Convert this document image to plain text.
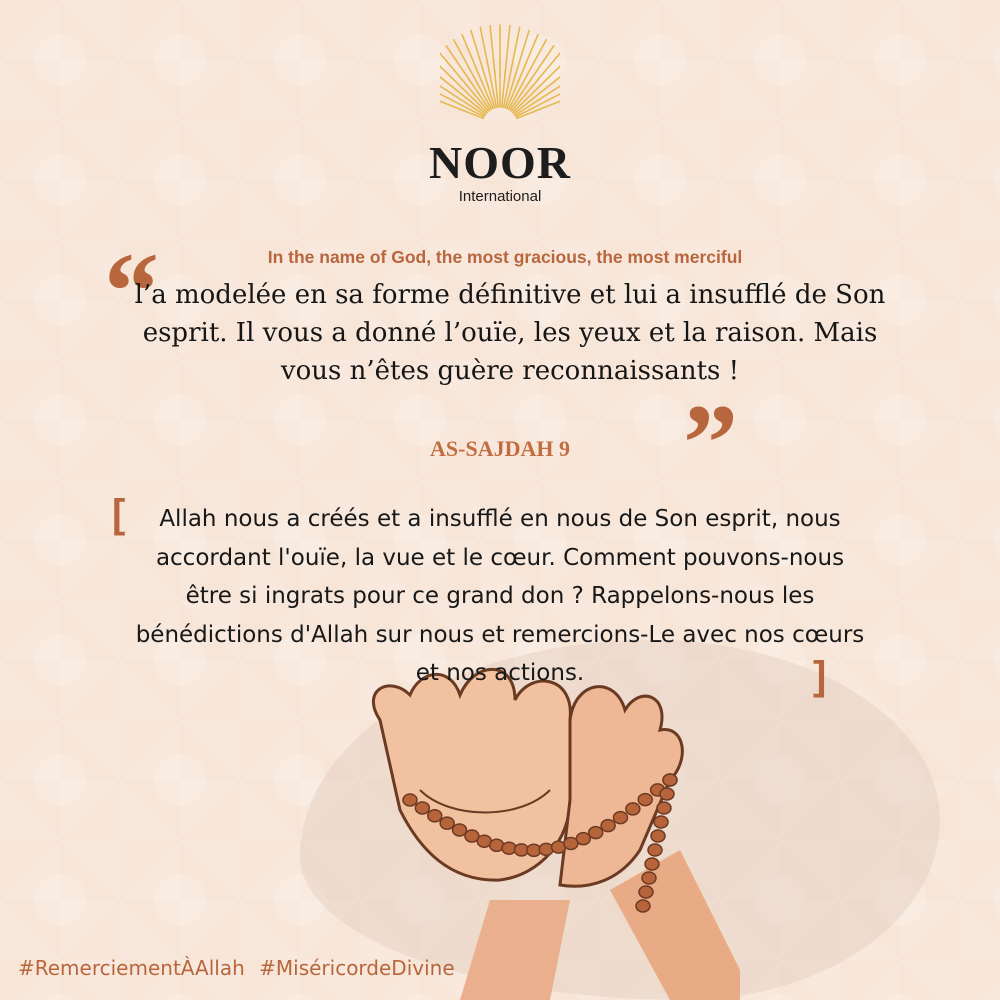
NOOR
International
“	In the name of God, the most gracious, the most merciful
l’a modelée en sa forme définitive et lui a insufflé de Son esprit. Il vous a donné l’ouïe, les yeux et la raison. Mais vous n’êtes guère reconnaissants !
”
AS-SAJDAH 9
[	Allah nous a créés et a insufflé en nous de Son esprit, nous accordant l'ouïe, la vue et le cœur. Comment pouvons-nous être si ingrats pour ce grand don ? Rappelons-nous les bénédictions d'Allah sur nous et remercions-Le avec nos cœurs et nos actions.	]
#RemerciementÀAllah #MiséricordeDivine
